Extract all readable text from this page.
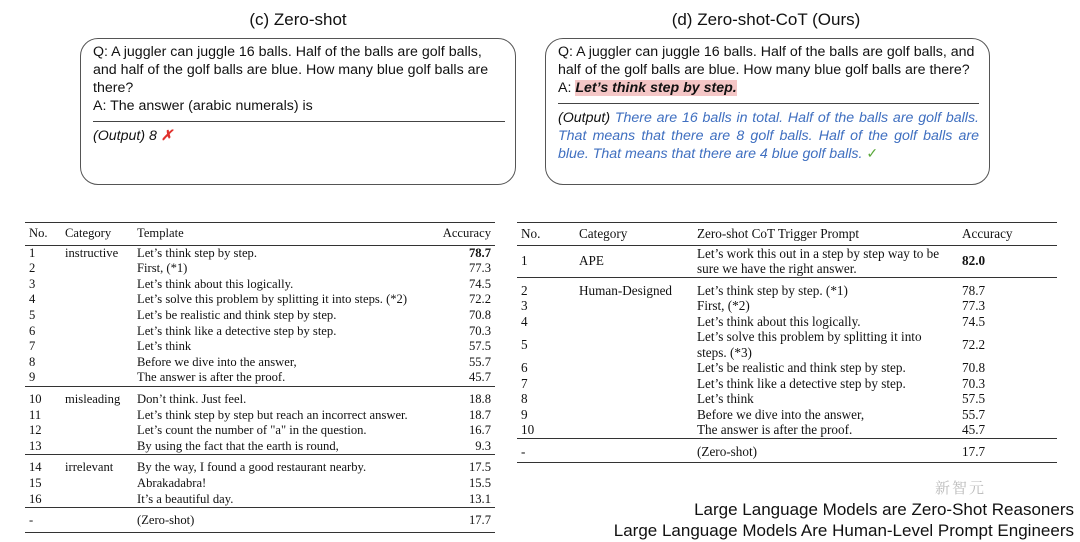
(c) Zero-shot
Q: A juggler can juggle 16 balls. Half of the balls are golf balls, and half of the golf balls are blue. How many blue golf balls are there?
A: The answer (arabic numerals) is
(Output) 8 ✗
(d) Zero-shot-CoT (Ours)
Q: A juggler can juggle 16 balls. Half of the balls are golf balls, and half of the golf balls are blue. How many blue golf balls are there?
A: Let’s think step by step.
(Output) There are 16 balls in total. Half of the balls are golf balls. That means that there are 8 golf balls. Half of the golf balls are blue. That means that there are 4 blue golf balls. ✓
No.	Category	Template	Accuracy
1	instructive	Let’s think step by step.	78.7
2		First, (*1)	77.3
3		Let’s think about this logically.	74.5
4		Let’s solve this problem by splitting it into steps. (*2)	72.2
5		Let’s be realistic and think step by step.	70.8
6		Let’s think like a detective step by step.	70.3
7		Let’s think	57.5
8		Before we dive into the answer,	55.7
9		The answer is after the proof.	45.7
10	misleading	Don’t think. Just feel.	18.8
11		Let’s think step by step but reach an incorrect answer.	18.7
12		Let’s count the number of "a" in the question.	16.7
13		By using the fact that the earth is round,	9.3
14	irrelevant	By the way, I found a good restaurant nearby.	17.5
15		Abrakadabra!	15.5
16		It’s a beautiful day.	13.1
-		(Zero-shot)	17.7
No.	Category	Zero-shot CoT Trigger Prompt	Accuracy
1	APE	Let’s work this out in a step by step way to be sure we have the right answer.	82.0
2	Human-Designed	Let’s think step by step. (*1)	78.7
3		First, (*2)	77.3
4		Let’s think about this logically.	74.5
5		Let’s solve this problem by splitting it into steps. (*3)	72.2
6		Let’s be realistic and think step by step.	70.8
7		Let’s think like a detective step by step.	70.3
8		Let’s think	57.5
9		Before we dive into the answer,	55.7
10		The answer is after the proof.	45.7
-		(Zero-shot)	17.7
新智元
Large Language Models are Zero-Shot Reasoners
Large Language Models Are Human-Level Prompt Engineers
